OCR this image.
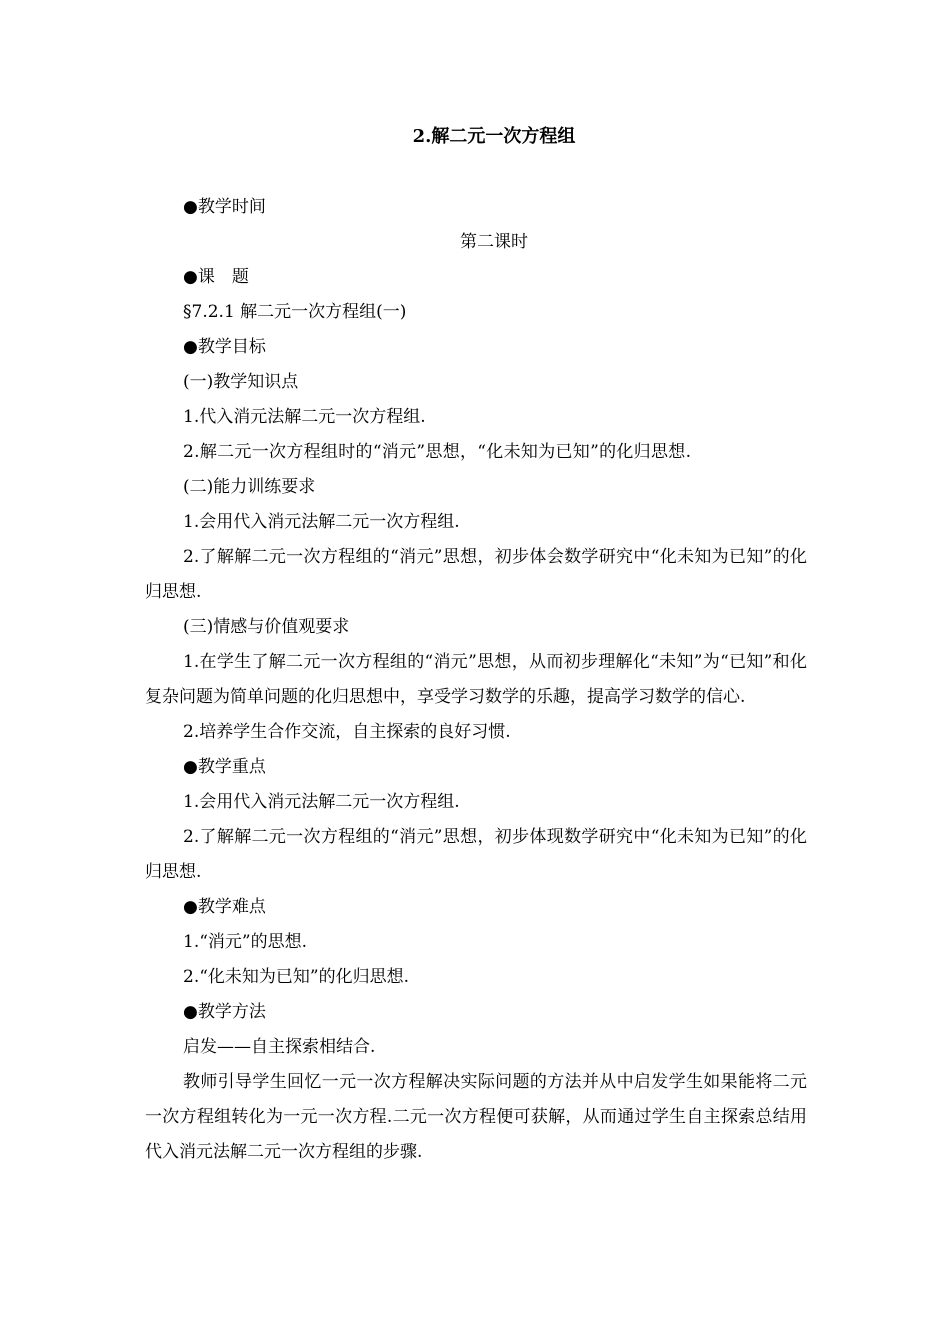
2.解二元一次方程组

●教学时间

第二课时

●课　题

§7.2.1 解二元一次方程组(一)

●教学目标

(一)教学知识点

1.代入消元法解二元一次方程组.

2.解二元一次方程组时的“消元”思想，“化未知为已知”的化归思想.

(二)能力训练要求

1.会用代入消元法解二元一次方程组.

2.了解解二元一次方程组的“消元”思想，初步体会数学研究中“化未知为已知”的化归思想.

(三)情感与价值观要求

1.在学生了解二元一次方程组的“消元”思想，从而初步理解化“未知”为“已知”和化复杂问题为简单问题的化归思想中，享受学习数学的乐趣，提高学习数学的信心.

2.培养学生合作交流，自主探索的良好习惯.

●教学重点

1.会用代入消元法解二元一次方程组.

2.了解解二元一次方程组的“消元”思想，初步体现数学研究中“化未知为已知”的化归思想.

●教学难点

1.“消元”的思想.

2.“化未知为已知”的化归思想.

●教学方法

启发——自主探索相结合.

教师引导学生回忆一元一次方程解决实际问题的方法并从中启发学生如果能将二元一次方程组转化为一元一次方程.二元一次方程便可获解，从而通过学生自主探索总结用代入消元法解二元一次方程组的步骤.
